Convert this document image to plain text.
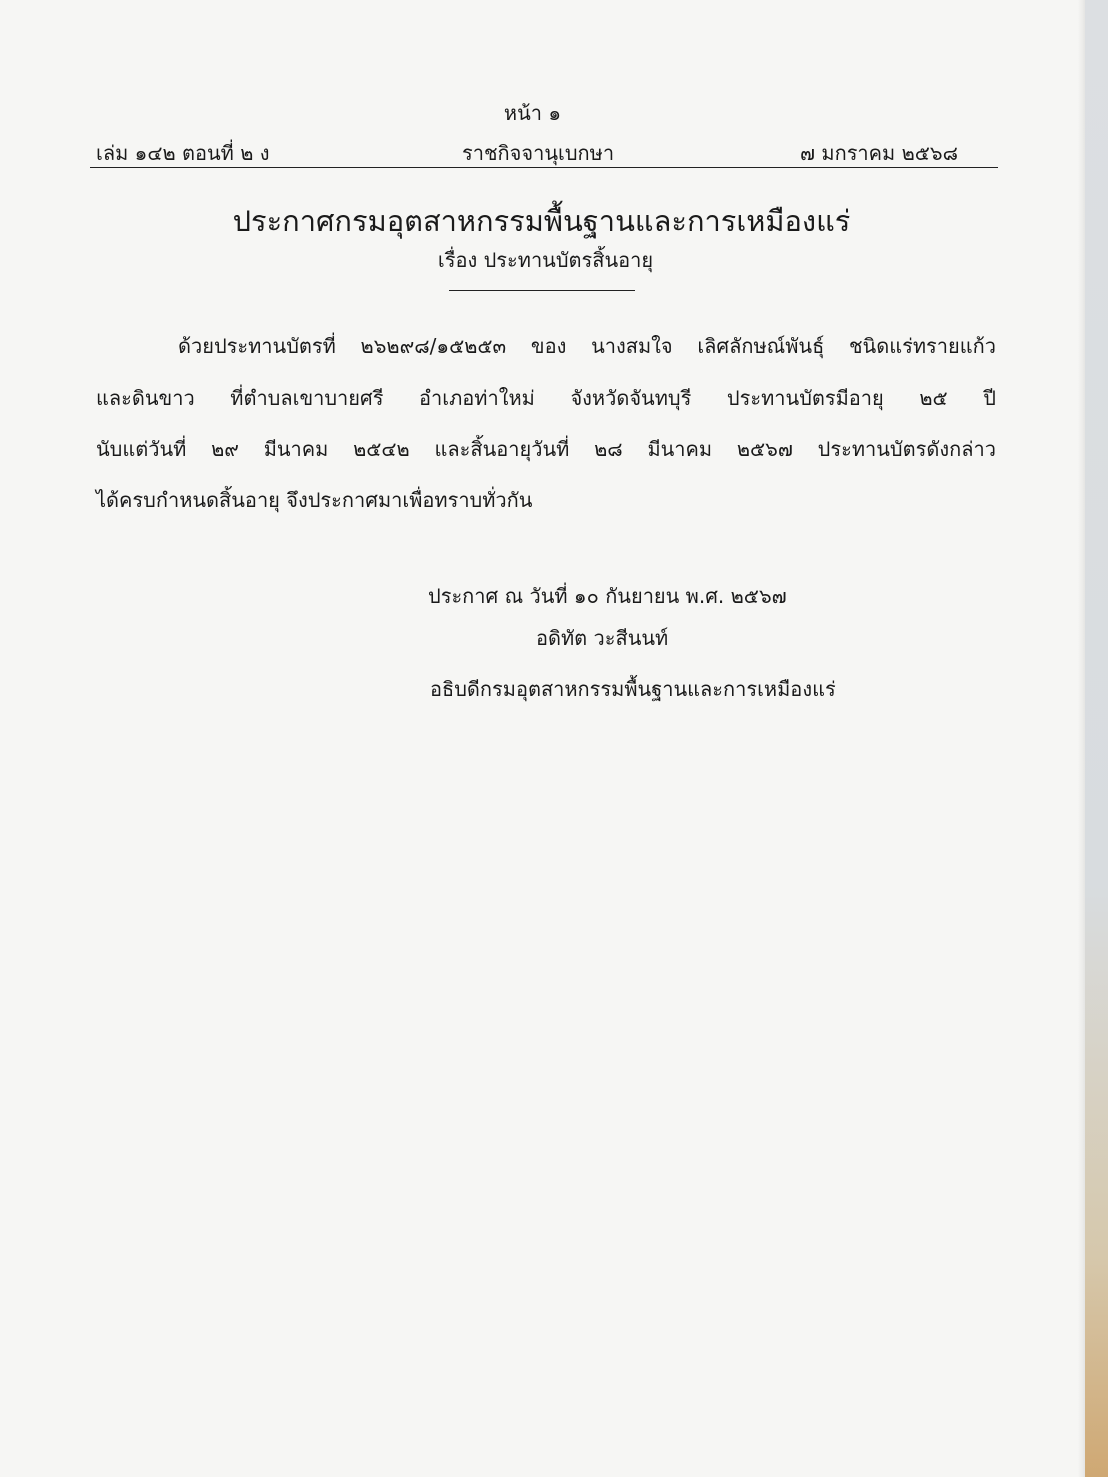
หน้า ๑
เล่ม ๑๔๒ ตอนที่ ๒ ง	ราชกิจจานุเบกษา	๗ มกราคม ๒๕๖๘
ประกาศกรมอุตสาหกรรมพื้นฐานและการเหมืองแร่
เรื่อง ประทานบัตรสิ้นอายุ
ด้วยประทานบัตรที่ ๒๖๒๙๘/๑๕๒๕๓ ของ นางสมใจ เลิศลักษณ์พันธุ์ ชนิดแร่ทรายแก้ว
และดินขาว ที่ตำบลเขาบายศรี อำเภอท่าใหม่ จังหวัดจันทบุรี ประทานบัตรมีอายุ ๒๕ ปี
นับแต่วันที่ ๒๙ มีนาคม ๒๕๔๒ และสิ้นอายุวันที่ ๒๘ มีนาคม ๒๕๖๗ ประทานบัตรดังกล่าว
ได้ครบกำหนดสิ้นอายุ จึงประกาศมาเพื่อทราบทั่วกัน
ประกาศ ณ วันที่ ๑๐ กันยายน พ.ศ. ๒๕๖๗
อดิทัต วะสีนนท์
อธิบดีกรมอุตสาหกรรมพื้นฐานและการเหมืองแร่
